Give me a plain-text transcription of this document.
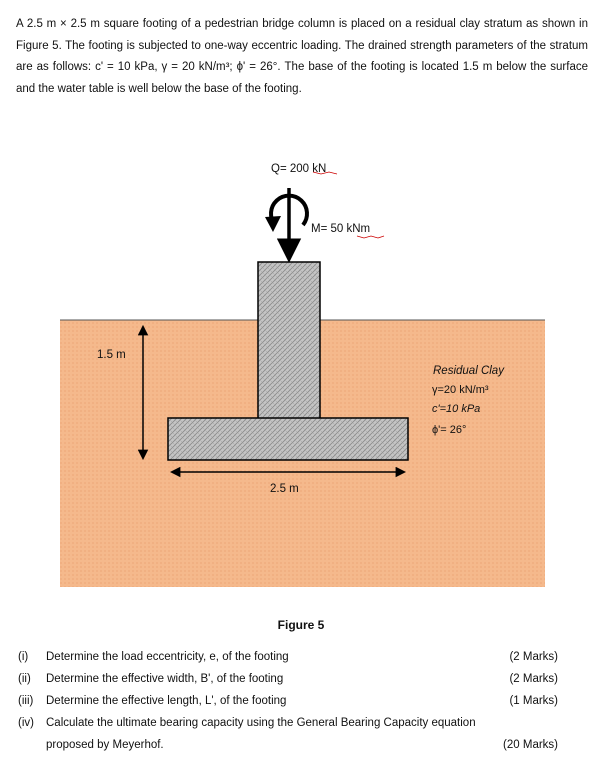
A 2.5 m × 2.5 m square footing of a pedestrian bridge column is placed on a residual clay stratum as shown in Figure 5. The footing is subjected to one-way eccentric loading. The drained strength parameters of the stratum are as follows: c' = 10 kPa, γ = 20 kN/m³; ϕ' = 26°. The base of the footing is located 1.5 m below the surface and the water table is well below the base of the footing.

Q= 200 kN
M= 50 kNm
1.5 m
2.5 m
Residual Clay
γ=20 kN/m³
c'=10 kPa
ϕ'= 26°
Figure 5
(i) Determine the load eccentricity, e, of the footing	(2 Marks)
(ii) Determine the effective width, B', of the footing	(2 Marks)
(iii) Determine the effective length, L', of the footing	(1 Marks)
(iv) Calculate the ultimate bearing capacity using the General Bearing Capacity equation proposed by Meyerhof.	(20 Marks)
